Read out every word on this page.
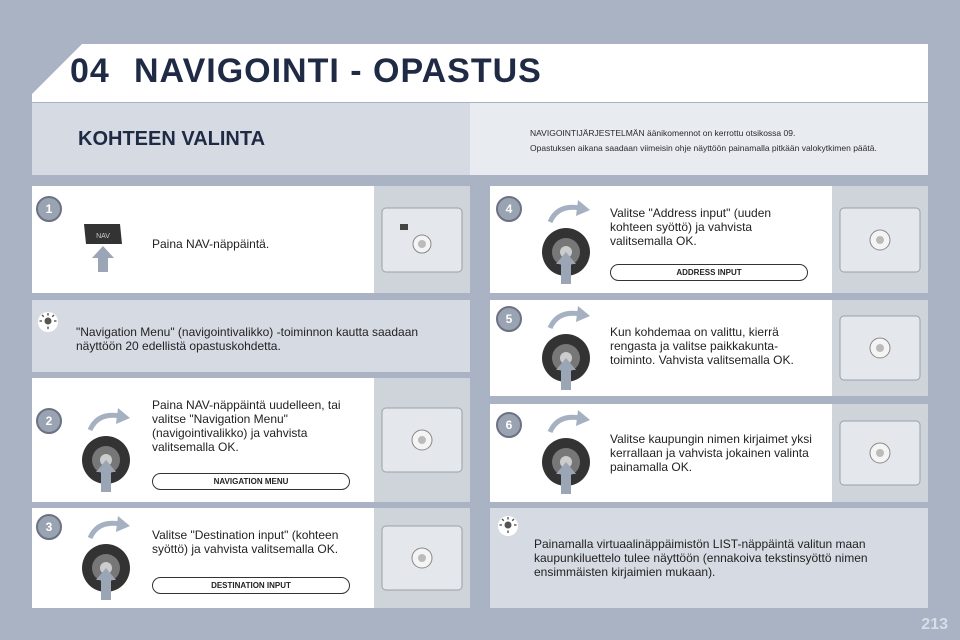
04 NAVIGOINTI - OPASTUS
KOHTEEN VALINTA	NAVIGOINTIJÄRJESTELMÄN äänikomennot on kerrottu otsikossa 09.
Opastuksen aikana saadaan viimeisin ohje näyttöön painamalla pitkään valokytkimen päätä.
1
NAV
Paina NAV-näppäintä.
"Navigation Menu" (navigointivalikko) -toiminnon kautta saadaan näyttöön 20 edellistä opastuskohdetta.
2
Paina NAV-näppäintä uudelleen, tai valitse "Navigation Menu" (navigointivalikko) ja vahvista valitsemalla OK.
NAVIGATION MENU
3
Valitse "Destination input" (kohteen syöttö) ja vahvista valitsemalla OK.
DESTINATION INPUT
4	Valitse "Address input" (uuden kohteen syöttö) ja vahvista valitsemalla OK.
ADDRESS INPUT
5
Kun kohdemaa on valittu, kierrä rengasta ja valitse paikkakunta-toiminto. Vahvista valitsemalla OK.
6
Valitse kaupungin nimen kirjaimet yksi kerrallaan ja vahvista jokainen valinta painamalla OK.
Painamalla virtuaalinäppäimistön LIST-näppäintä valitun maan kaupunkiluettelo tulee näyttöön (ennakoiva tekstinsyöttö nimen ensimmäisten kirjaimien mukaan).
213
